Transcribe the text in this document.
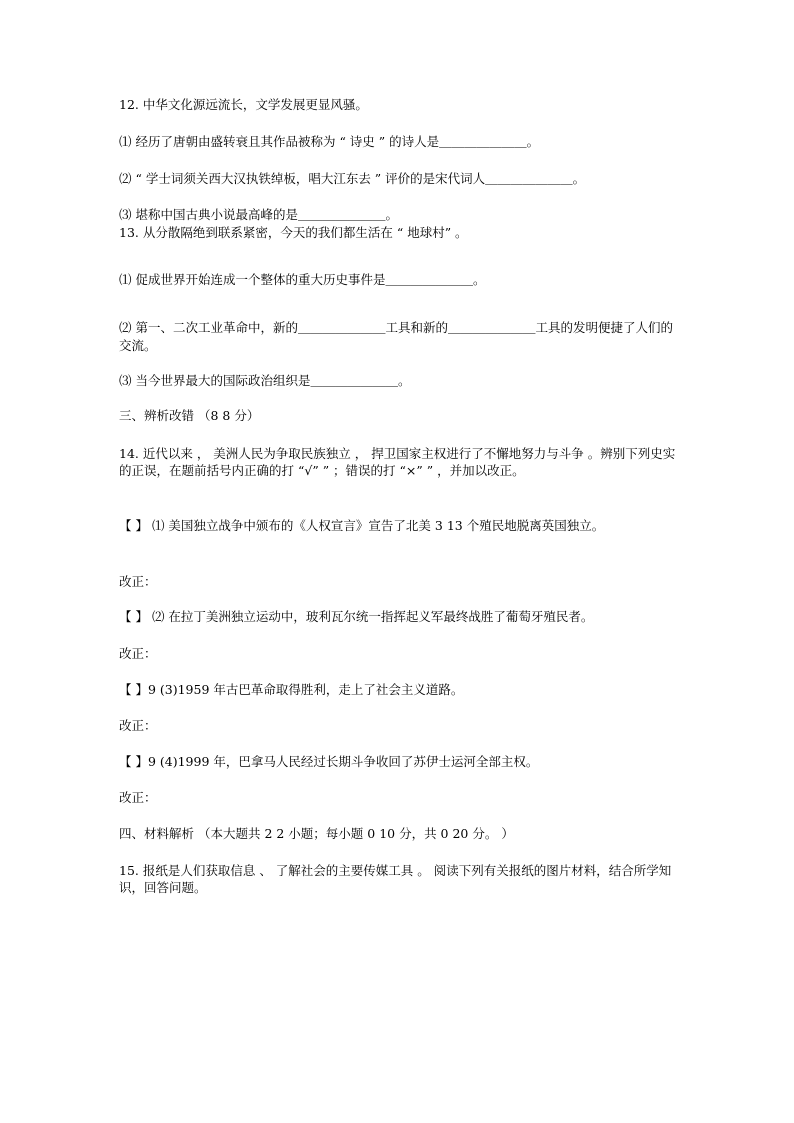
12. 中华文化源远流长，文学发展更显风骚。
⑴ 经历了唐朝由盛转衰且其作品被称为 “ 诗史 ” 的诗人是＿＿＿＿＿＿＿。
⑵ “ 学士词须关西大汉执铁绰板，唱大江东去 ” 评价的是宋代词人＿＿＿＿＿＿＿。
⑶ 堪称中国古典小说最高峰的是＿＿＿＿＿＿＿。
13. 从分散隔绝到联系紧密，今天的我们都生活在 “ 地球村” 。
⑴ 促成世界开始连成一个整体的重大历史事件是＿＿＿＿＿＿＿。
⑵ 第一、二次工业革命中，新的＿＿＿＿＿＿＿工具和新的＿＿＿＿＿＿＿工具的发明便捷了人们的交流。
⑶ 当今世界最大的国际政治组织是＿＿＿＿＿＿＿。
三、辨析改错 （8 8 分）
14. 近代以来 ， 美洲人民为争取民族独立 ， 捍卫国家主权进行了不懈地努力与斗争 。辨别下列史实的正误，在题前括号内正确的打 “√” ” ；错误的打 “×” ” ，并加以改正。
【 】 ⑴ 美国独立战争中颁布的《人权宣言》宣告了北美 3 13 个殖民地脱离英国独立。
改正：
【 】 ⑵ 在拉丁美洲独立运动中，玻利瓦尔统一指挥起义军最终战胜了葡萄牙殖民者。
改正：
【 】9 (3)1959 年古巴革命取得胜利，走上了社会主义道路。
改正：
【 】9 (4)1999 年，巴拿马人民经过长期斗争收回了苏伊士运河全部主权。
改正：
四、材料解析 （本大题共 2 2 小题；每小题 0 10 分，共 0 20 分。 ）
15. 报纸是人们获取信息 、 了解社会的主要传媒工具 。 阅读下列有关报纸的图片材料，结合所学知识，回答问题。
